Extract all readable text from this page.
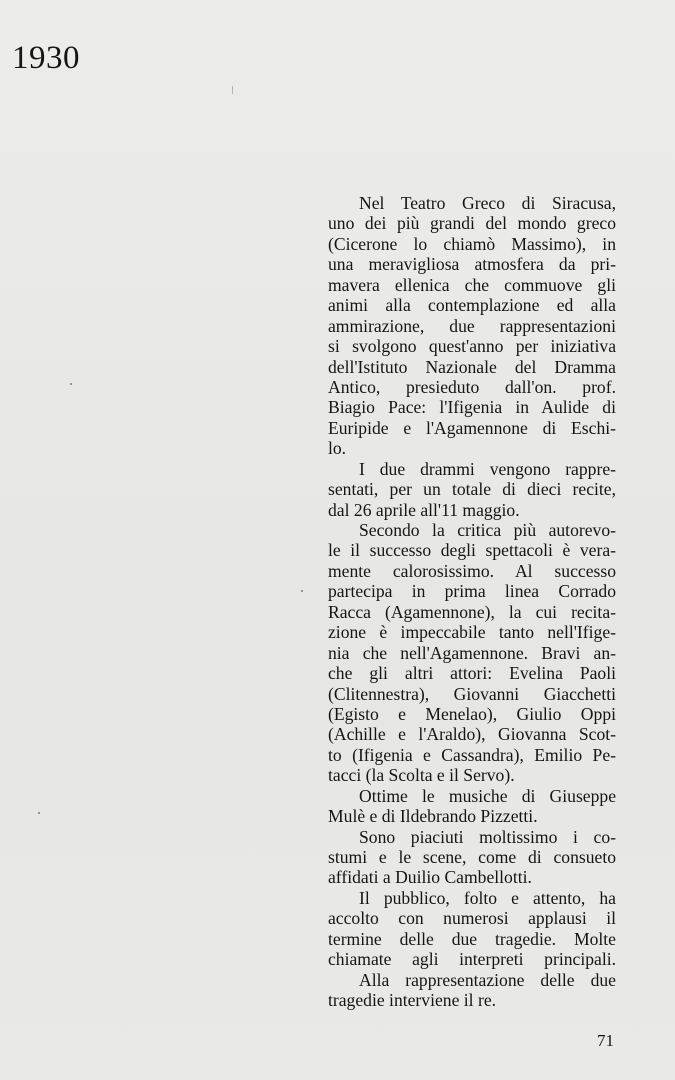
1930
Nel Teatro Greco di Siracusa,
uno dei più grandi del mondo greco
(Cicerone lo chiamò Massimo), in
una meravigliosa atmosfera da pri-
mavera ellenica che commuove gli
animi alla contemplazione ed alla
ammirazione, due rappresentazioni
si svolgono quest'anno per iniziativa
dell'Istituto Nazionale del Dramma
Antico, presieduto dall'on. prof.
Biagio Pace: l'Ifigenia in Aulide di
Euripide e l'Agamennone di Eschi-
lo.
I due drammi vengono rappre-
sentati, per un totale di dieci recite,
dal 26 aprile all'11 maggio.
Secondo la critica più autorevo-
le il successo degli spettacoli è vera-
mente calorosissimo. Al successo
partecipa in prima linea Corrado
Racca (Agamennone), la cui recita-
zione è impeccabile tanto nell'Ifige-
nia che nell'Agamennone. Bravi an-
che gli altri attori: Evelina Paoli
(Clitennestra), Giovanni Giacchetti
(Egisto e Menelao), Giulio Oppi
(Achille e l'Araldo), Giovanna Scot-
to (Ifigenia e Cassandra), Emilio Pe-
tacci (la Scolta e il Servo).
Ottime le musiche di Giuseppe
Mulè e di Ildebrando Pizzetti.
Sono piaciuti moltissimo i co-
stumi e le scene, come di consueto
affidati a Duilio Cambellotti.
Il pubblico, folto e attento, ha
accolto con numerosi applausi il
termine delle due tragedie. Molte
chiamate agli interpreti principali.
Alla rappresentazione delle due
tragedie interviene il re.
71
